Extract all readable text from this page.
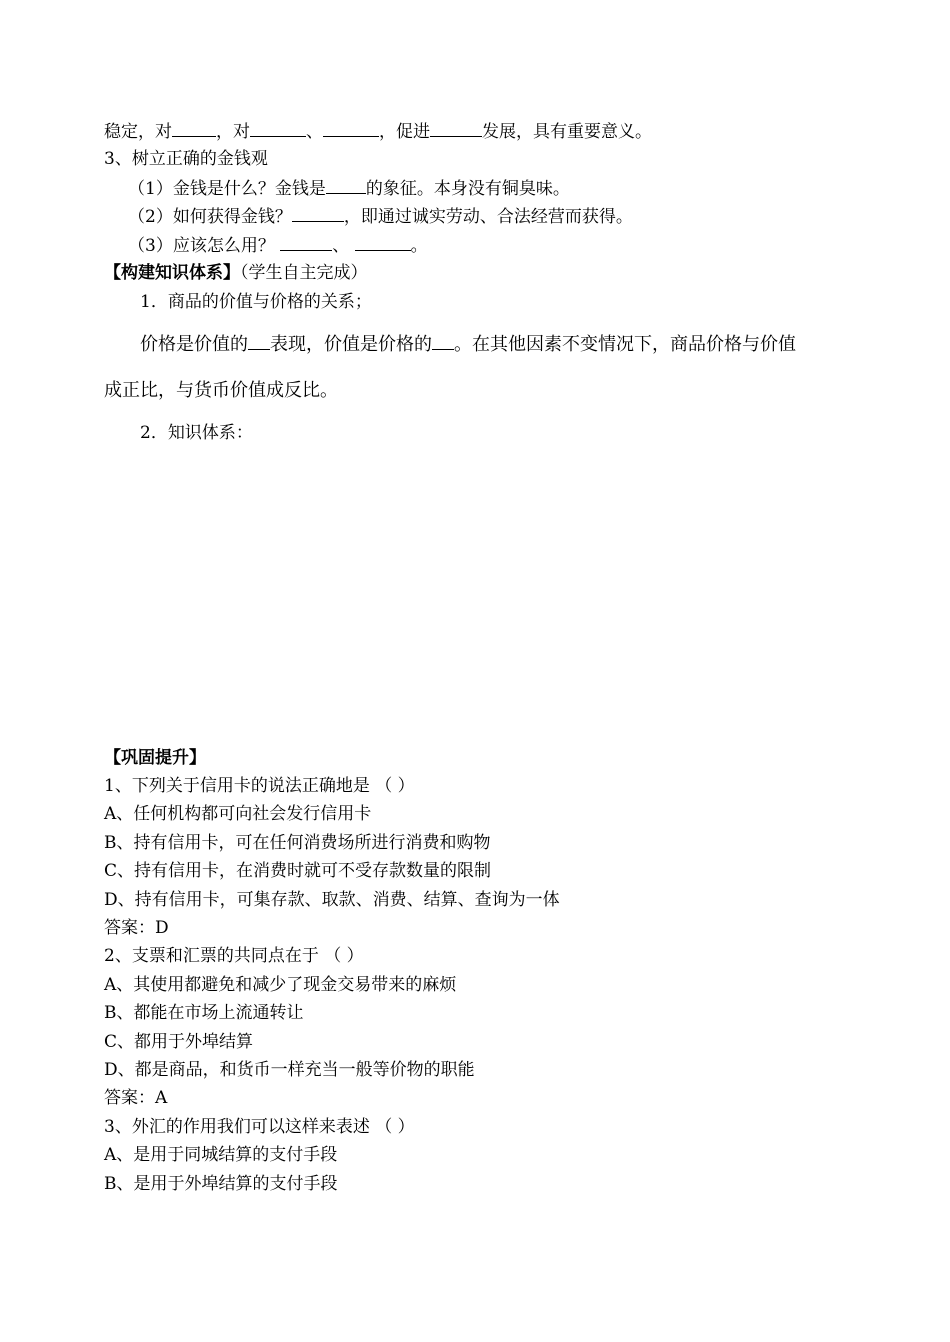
稳定，对	，对	、	，促进	发展，具有重要意义。
3、树立正确的金钱观
（1）金钱是什么？金钱是 的象征。本身没有铜臭味。
（2）如何获得金钱？	，即通过诚实劳动、合法经营而获得。
（3）应该怎么用？	、	。
【构建知识体系】（学生自主完成）
1．商品的价值与价格的关系；
价格是价值的 表现，价值是价格的 。在其他因素不变情况下，商品价格与价值
成正比，与货币价值成反比。
2．知识体系：
【巩固提升】
1、下列关于信用卡的说法正确地是 （ ）
A、任何机构都可向社会发行信用卡
B、持有信用卡，可在任何消费场所进行消费和购物
C、持有信用卡，在消费时就可不受存款数量的限制
D、持有信用卡，可集存款、取款、消费、结算、查询为一体
答案：D
2、支票和汇票的共同点在于 （ ）
A、其使用都避免和减少了现金交易带来的麻烦
B、都能在市场上流通转让
C、都用于外埠结算
D、都是商品，和货币一样充当一般等价物的职能
答案：A
3、外汇的作用我们可以这样来表述 （ ）
A、是用于同城结算的支付手段
B、是用于外埠结算的支付手段
